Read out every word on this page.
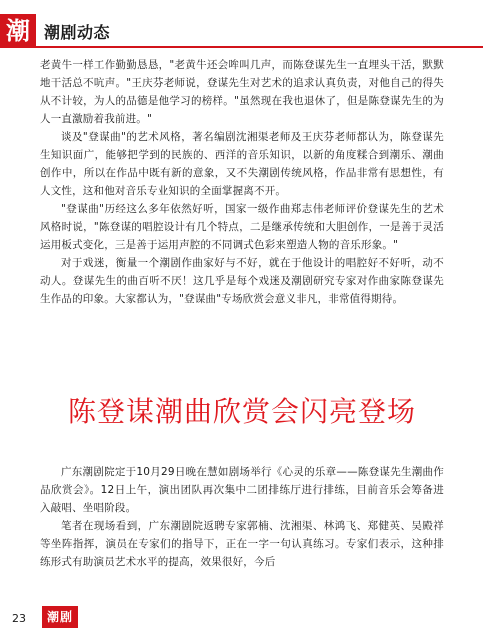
潮 潮剧动态

老黄牛一样工作勤勤恳恳，"老黄牛还会哞叫几声，而陈登谋先生一直埋头干活，默默地干活总不吭声。"王庆芬老师说，登谋先生对艺术的追求认真负责，对他自己的得失从不计较，为人的品德是他学习的榜样。"虽然现在我也退休了，但是陈登谋先生的为人一直激励着我前进。"

谈及"登谋曲"的艺术风格，著名编剧沈湘渠老师及王庆芬老师都认为，陈登谋先生知识面广，能够把学到的民族的、西洋的音乐知识，以新的角度糅合到潮乐、潮曲创作中，所以在作品中既有新的意象，又不失潮剧传统风格，作品非常有思想性，有人文性，这和他对音乐专业知识的全面掌握离不开。

"登谋曲"历经这么多年依然好听，国家一级作曲郑志伟老师评价登谋先生的艺术风格时说，"陈登谋的唱腔设计有几个特点，二是继承传统和大胆创作，一是善于灵活运用板式变化，三是善于运用声腔的不同调式色彩来塑造人物的音乐形象。"

对于戏迷，衡量一个潮剧作曲家好与不好，就在于他设计的唱腔好不好听，动不动人。登谋先生的曲百听不厌！这几乎是每个戏迷及潮剧研究专家对作曲家陈登谋先生作品的印象。大家都认为，"登谋曲"专场欣赏会意义非凡，非常值得期待。

陈登谋潮曲欣赏会闪亮登场

广东潮剧院定于10月29日晚在慧如剧场举行《心灵的乐章——陈登谋先生潮曲作品欣赏会》。12日上午，演出团队再次集中二团排练厅进行排练，目前音乐会筹备进入敲唱、坐唱阶段。

笔者在现场看到，广东潮剧院返聘专家郭楠、沈湘渠、林鸿飞、郑健英、吴殿祥等坐阵指挥，演员在专家们的指导下，正在一字一句认真练习。专家们表示，这种排练形式有助演员艺术水平的提高，效果很好，今后

23	潮剧
